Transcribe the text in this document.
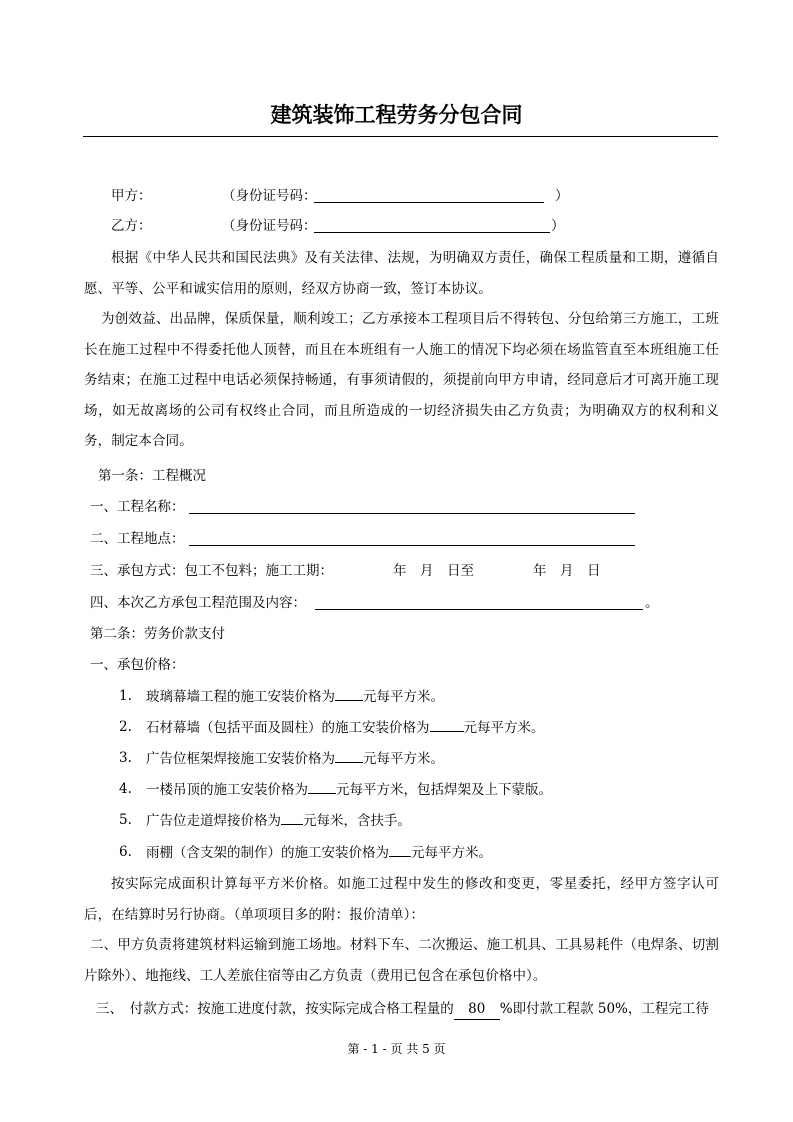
建筑装饰工程劳务分包合同
甲方：	（身份证号码：	）
乙方：	（身份证号码：	）
根据《中华人民共和国民法典》及有关法律、法规，为明确双方责任，确保工程质量和工期，遵循自愿、平等、公平和诚实信用的原则，经双方协商一致，签订本协议。
为创效益、出品牌，保质保量，顺利竣工；乙方承接本工程项目后不得转包、分包给第三方施工，工班长在施工过程中不得委托他人顶替，而且在本班组有一人施工的情况下均必须在场监管直至本班组施工任务结束；在施工过程中电话必须保持畅通，有事须请假的，须提前向甲方申请，经同意后才可离开施工现场，如无故离场的公司有权终止合同，而且所造成的一切经济损失由乙方负责；为明确双方的权利和义务，制定本合同。
第一条：工程概况
一、工程名称：
二、工程地点：
三、承包方式：包工不包料；施工工期：	年　月　日至	年　月　日
四、本次乙方承包工程范围及内容：	。
第二条：劳务价款支付
一、承包价格：
1. 玻璃幕墙工程的施工安装价格为 元每平方米。
2. 石材幕墙（包括平面及圆柱）的施工安装价格为	元每平方米。
3. 广告位框架焊接施工安装价格为 元每平方米。
4. 一楼吊顶的施工安装价格为 元每平方米，包括焊架及上下蒙版。
5. 广告位走道焊接价格为 元每米，含扶手。
6. 雨棚（含支架的制作）的施工安装价格为 元每平方米。
按实际完成面积计算每平方米价格。如施工过程中发生的修改和变更，零星委托，经甲方签字认可后，在结算时另行协商。（单项项目多的附：报价清单）：
二、甲方负责将建筑材料运输到施工场地。材料下车、二次搬运、施工机具、工具易耗件（电焊条、切割片除外）、地拖线、工人差旅住宿等由乙方负责（费用已包含在承包价格中）。
三、　付款方式：按施工进度付款，按实际完成合格工程量的 80 %即付款工程款 50%，工程完工待
第 - 1 - 页 共 5 页
